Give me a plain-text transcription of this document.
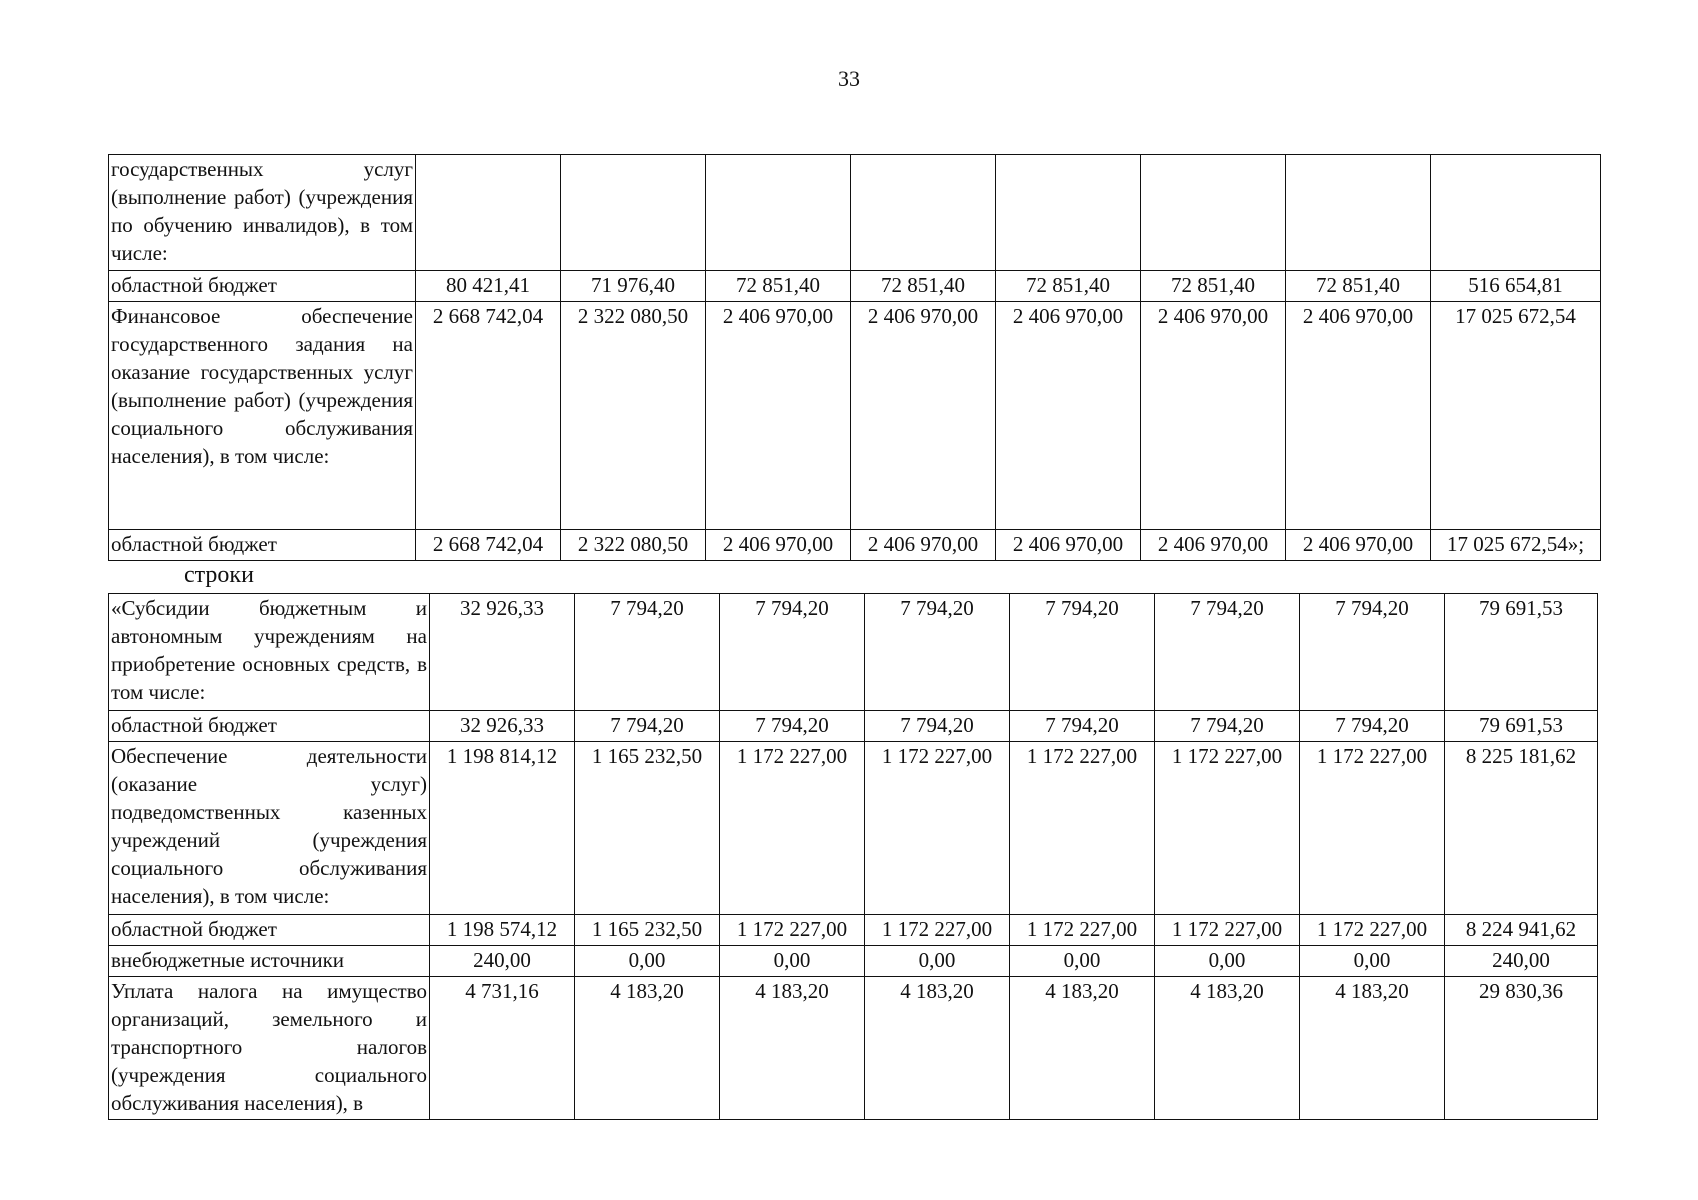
33
государственных услуг (выполнение работ) (учреждения по обучению инвалидов), в том числе:								
областной бюджет	80 421,41	71 976,40	72 851,40	72 851,40	72 851,40	72 851,40	72 851,40	516 654,81
Финансовое обеспечение государственного задания на оказание государственных услуг (выполнение работ) (учреждения социального обслуживания населения), в том числе:	2 668 742,04	2 322 080,50	2 406 970,00	2 406 970,00	2 406 970,00	2 406 970,00	2 406 970,00	17 025 672,54
областной бюджет	2 668 742,04	2 322 080,50	2 406 970,00	2 406 970,00	2 406 970,00	2 406 970,00	2 406 970,00	17 025 672,54»;
строки
«Субсидии бюджетным и автономным учреждениям на приобретение основных средств, в том числе:	32 926,33	7 794,20	7 794,20	7 794,20	7 794,20	7 794,20	7 794,20	79 691,53
областной бюджет	32 926,33	7 794,20	7 794,20	7 794,20	7 794,20	7 794,20	7 794,20	79 691,53
Обеспечение деятельности (оказание услуг) подведомственных казенных учреждений (учреждения социального обслуживания населения), в том числе:	1 198 814,12	1 165 232,50	1 172 227,00	1 172 227,00	1 172 227,00	1 172 227,00	1 172 227,00	8 225 181,62
областной бюджет	1 198 574,12	1 165 232,50	1 172 227,00	1 172 227,00	1 172 227,00	1 172 227,00	1 172 227,00	8 224 941,62
внебюджетные источники	240,00	0,00	0,00	0,00	0,00	0,00	0,00	240,00
Уплата налога на имущество организаций, земельного и транспортного налогов (учреждения социального обслуживания населения), в	4 731,16	4 183,20	4 183,20	4 183,20	4 183,20	4 183,20	4 183,20	29 830,36
